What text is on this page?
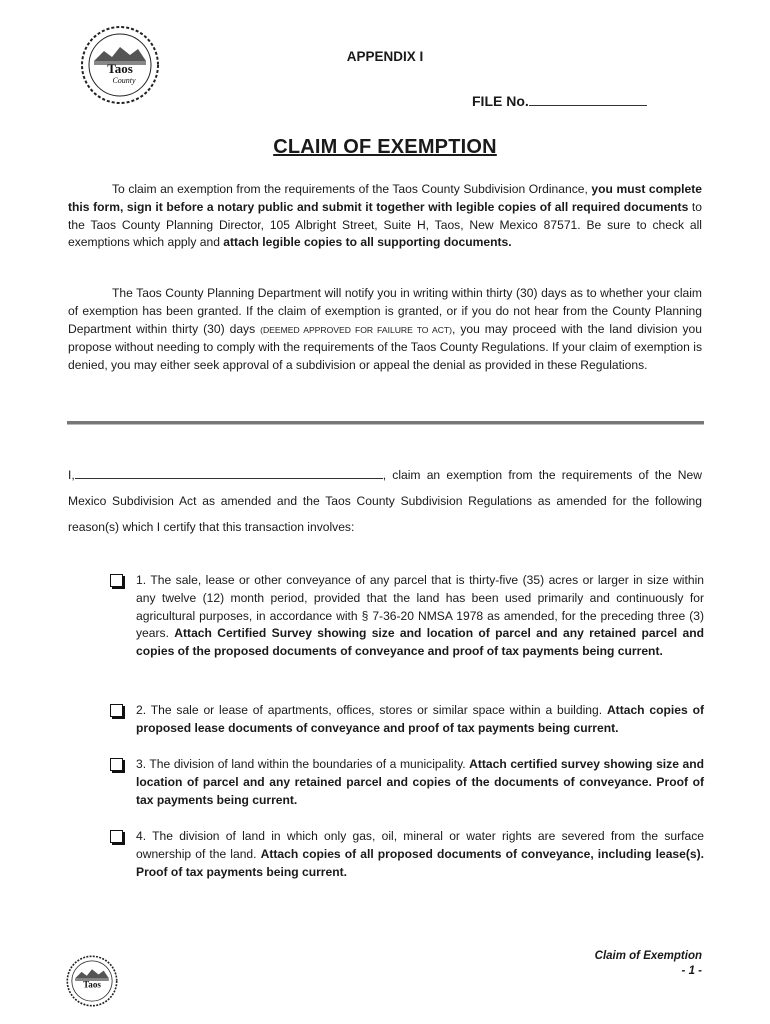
Taos
County
APPENDIX I
FILE No.
CLAIM OF EXEMPTION
To claim an exemption from the requirements of the Taos County Subdivision Ordinance, you must complete this form, sign it before a notary public and submit it together with legible copies of all required documents to the Taos County Planning Director, 105 Albright Street, Suite H, Taos, New Mexico 87571. Be sure to check all exemptions which apply and attach legible copies to all supporting documents.
The Taos County Planning Department will notify you in writing within thirty (30) days as to whether your claim of exemption has been granted. If the claim of exemption is granted, or if you do not hear from the County Planning Department within thirty (30) days (DEEMED APPROVED FOR FAILURE TO ACT), you may proceed with the land division you propose without needing to comply with the requirements of the Taos County Regulations. If your claim of exemption is denied, you may either seek approval of a subdivision or appeal the denial as provided in these Regulations.
I,	, claim an exemption from the requirements of the New Mexico Subdivision Act as amended and the Taos County Subdivision Regulations as amended for the following reason(s) which I certify that this transaction involves:
1. The sale, lease or other conveyance of any parcel that is thirty-five (35) acres or larger in size within any twelve (12) month period, provided that the land has been used primarily and continuously for agricultural purposes, in accordance with § 7-36-20 NMSA 1978 as amended, for the preceding three (3) years. Attach Certified Survey showing size and location of parcel and any retained parcel and copies of the proposed documents of conveyance and proof of tax payments being current.
2. The sale or lease of apartments, offices, stores or similar space within a building. Attach copies of proposed lease documents of conveyance and proof of tax payments being current.
3. The division of land within the boundaries of a municipality. Attach certified survey showing size and location of parcel and any retained parcel and copies of the documents of conveyance. Proof of tax payments being current.
4. The division of land in which only gas, oil, mineral or water rights are severed from the surface ownership of the land. Attach copies of all proposed documents of conveyance, including lease(s). Proof of tax payments being current.
Taos
Claim of Exemption
- 1 -
